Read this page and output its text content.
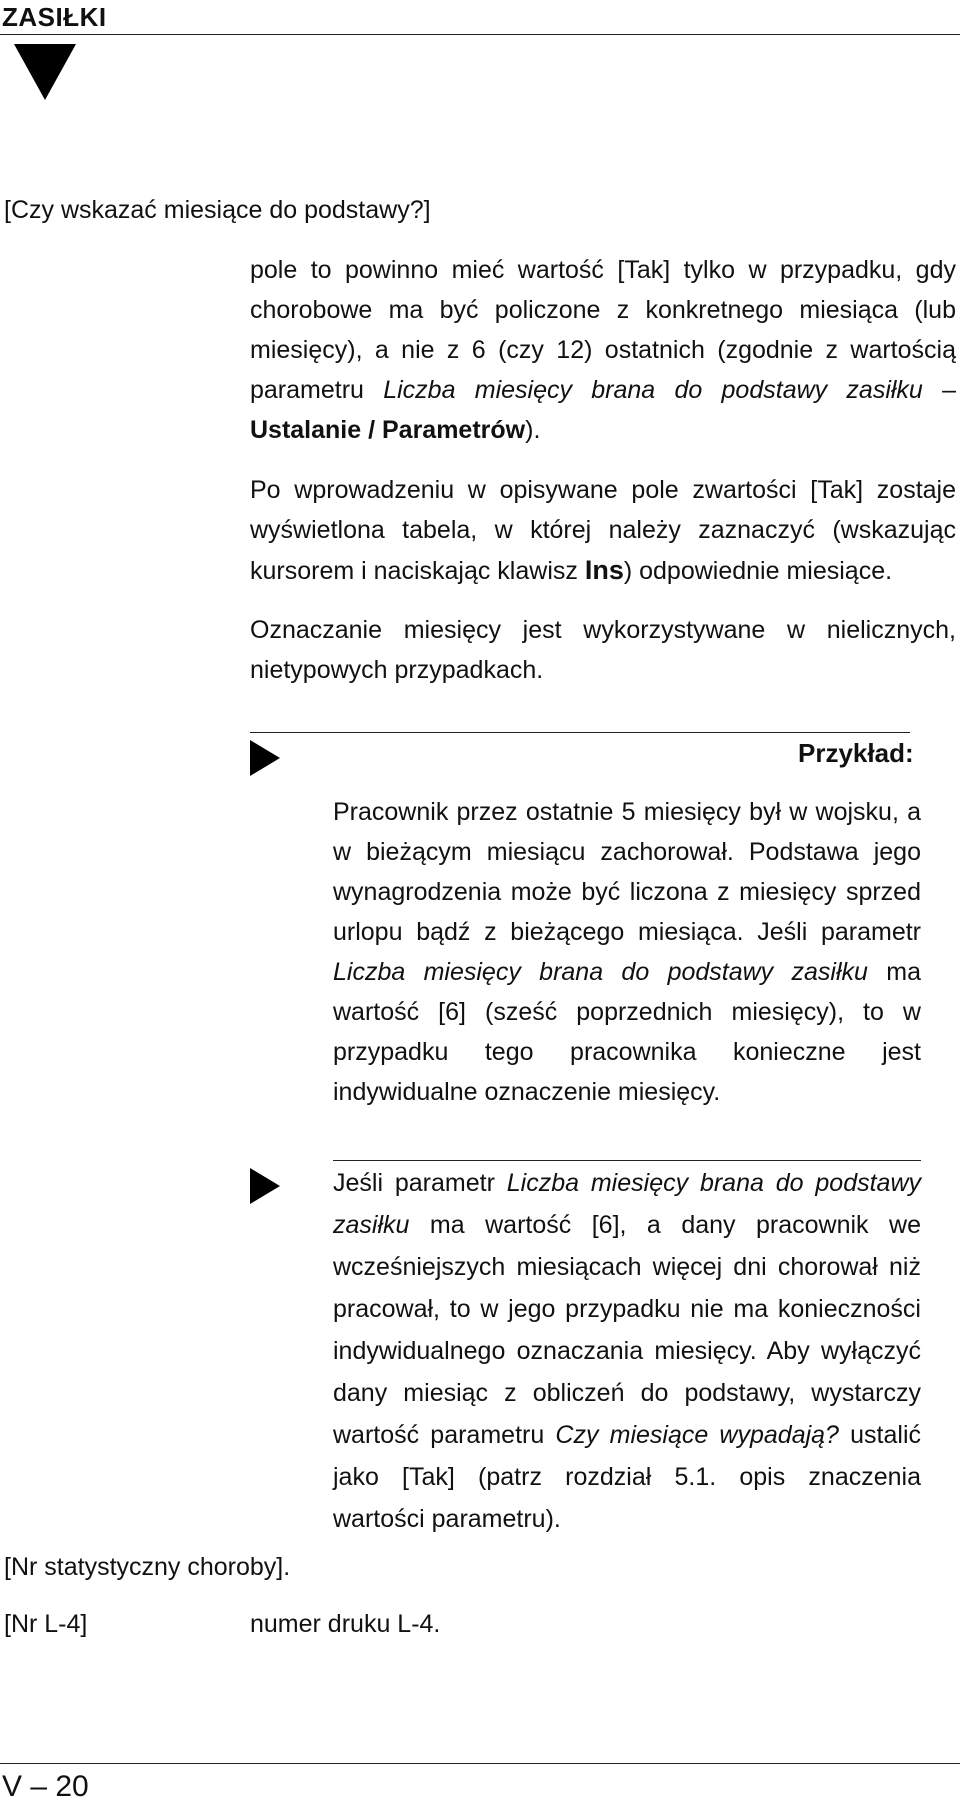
ZASIŁKI
[Czy wskazać miesiące do podstawy?]
pole to powinno mieć wartość [Tak] tylko w przypadku, gdy chorobowe ma być policzone z konkretnego miesiąca (lub miesięcy), a nie z 6 (czy 12) ostatnich (zgodnie z wartością parametru Liczba miesięcy brana do podstawy zasiłku – Ustalanie / Parametrów).
Po wprowadzeniu w opisywane pole zwartości [Tak] zostaje wyświetlona tabela, w której należy zaznaczyć (wskazując kursorem i naciskając klawisz Ins) odpowiednie miesiące.
Oznaczanie miesięcy jest wykorzystywane w nielicznych, nietypowych przypadkach.
Przykład:
Pracownik przez ostatnie 5 miesięcy był w wojsku, a w bieżącym miesiącu zachorował. Podstawa jego wynagrodzenia może być liczona z miesięcy sprzed urlopu bądź z bieżącego miesiąca. Jeśli parametr Liczba miesięcy brana do podstawy zasiłku ma wartość [6] (sześć poprzednich miesięcy), to w przypadku tego pracownika konieczne jest indywidualne oznaczenie miesięcy.
Jeśli parametr Liczba miesięcy brana do podstawy zasiłku ma wartość [6], a dany pracownik we wcześniejszych miesiącach więcej dni chorował niż pracował, to w jego przypadku nie ma konieczności indywidualnego oznaczania miesięcy. Aby wyłączyć dany miesiąc z obliczeń do podstawy, wystarczy wartość parametru Czy miesiące wypadają? ustalić jako [Tak] (patrz rozdział 5.1. opis znaczenia wartości parametru).
[Nr statystyczny choroby].
[Nr L-4]	numer druku L-4.
V – 20
